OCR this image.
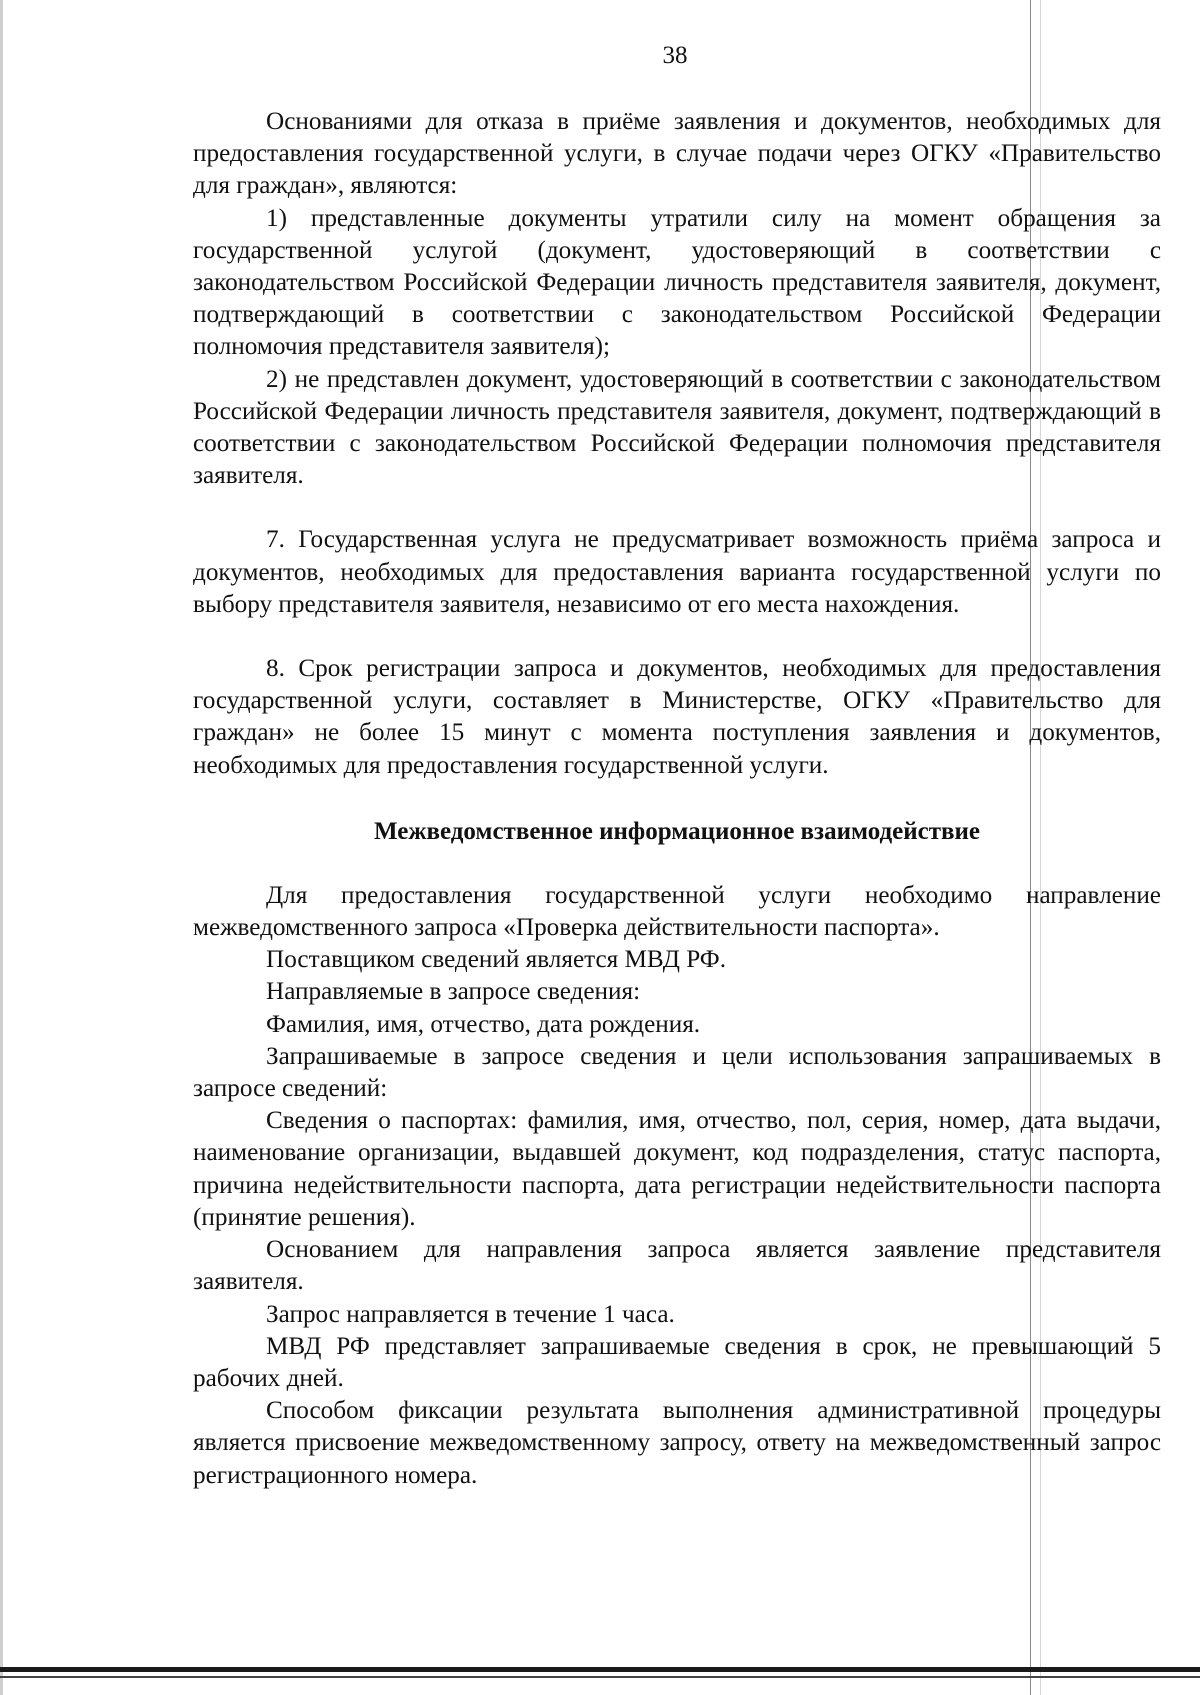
38

Основаниями для отказа в приёме заявления и документов, необходимых для предоставления государственной услуги, в случае подачи через ОГКУ «Правительство для граждан», являются:

1) представленные документы утратили силу на момент обращения за государственной услугой (документ, удостоверяющий в соответствии с законодательством Российской Федерации личность представителя заявителя, документ, подтверждающий в соответствии с законодательством Российской Федерации полномочия представителя заявителя);

2) не представлен документ, удостоверяющий в соответствии с законодательством Российской Федерации личность представителя заявителя, документ, подтверждающий в соответствии с законодательством Российской Федерации полномочия представителя заявителя.

7. Государственная услуга не предусматривает возможность приёма запроса и документов, необходимых для предоставления варианта государственной услуги по выбору представителя заявителя, независимо от его места нахождения.

8. Срок регистрации запроса и документов, необходимых для предоставления государственной услуги, составляет в Министерстве, ОГКУ «Правительство для граждан» не более 15 минут с момента поступления заявления и документов, необходимых для предоставления государственной услуги.

Межведомственное информационное взаимодействие

Для предоставления государственной услуги необходимо направление межведомственного запроса «Проверка действительности паспорта».

Поставщиком сведений является МВД РФ.

Направляемые в запросе сведения:

Фамилия, имя, отчество, дата рождения.

Запрашиваемые в запросе сведения и цели использования запрашиваемых в запросе сведений:

Сведения о паспортах: фамилия, имя, отчество, пол, серия, номер, дата выдачи, наименование организации, выдавшей документ, код подразделения, статус паспорта, причина недействительности паспорта, дата регистрации недействительности паспорта (принятие решения).

Основанием для направления запроса является заявление представителя заявителя.

Запрос направляется в течение 1 часа.

МВД РФ представляет запрашиваемые сведения в срок, не превышающий 5 рабочих дней.

Способом фиксации результата выполнения административной процедуры является присвоение межведомственному запросу, ответу на межведомственный запрос регистрационного номера.
